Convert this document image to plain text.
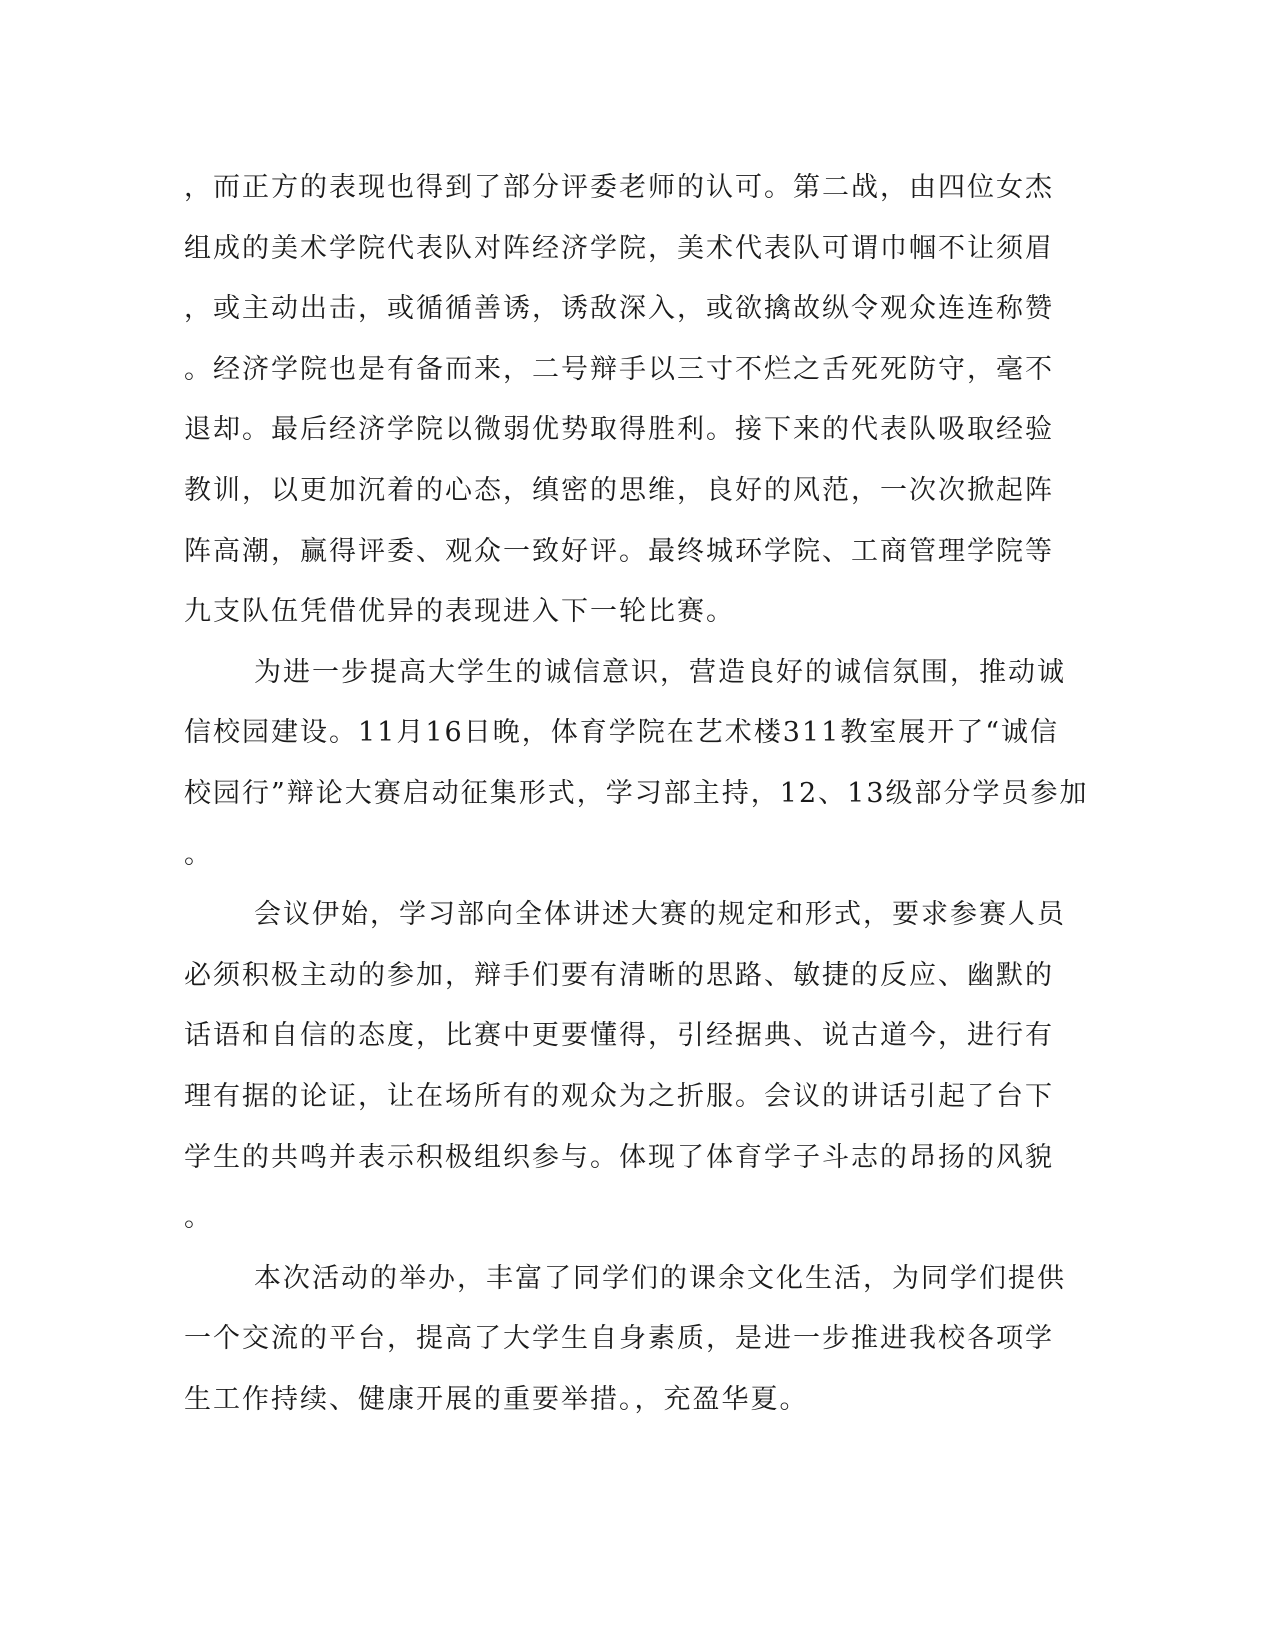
，而正方的表现也得到了部分评委老师的认可。第二战，由四位女杰
组成的美术学院代表队对阵经济学院，美术代表队可谓巾帼不让须眉
，或主动出击，或循循善诱，诱敌深入，或欲擒故纵令观众连连称赞
。经济学院也是有备而来，二号辩手以三寸不烂之舌死死防守，毫不
退却。最后经济学院以微弱优势取得胜利。接下来的代表队吸取经验
教训，以更加沉着的心态，缜密的思维，良好的风范，一次次掀起阵
阵高潮，赢得评委、观众一致好评。最终城环学院、工商管理学院等
九支队伍凭借优异的表现进入下一轮比赛。
为进一步提高大学生的诚信意识，营造良好的诚信氛围，推动诚
信校园建设。11月16日晚，体育学院在艺术楼311教室展开了“诚信
校园行”辩论大赛启动征集形式，学习部主持，12、13级部分学员参加
。
会议伊始，学习部向全体讲述大赛的规定和形式，要求参赛人员
必须积极主动的参加，辩手们要有清晰的思路、敏捷的反应、幽默的
话语和自信的态度，比赛中更要懂得，引经据典、说古道今，进行有
理有据的论证，让在场所有的观众为之折服。会议的讲话引起了台下
学生的共鸣并表示积极组织参与。体现了体育学子斗志的昂扬的风貌
。
本次活动的举办，丰富了同学们的课余文化生活，为同学们提供
一个交流的平台，提高了大学生自身素质，是进一步推进我校各项学
生工作持续、健康开展的重要举措。，充盈华夏。
